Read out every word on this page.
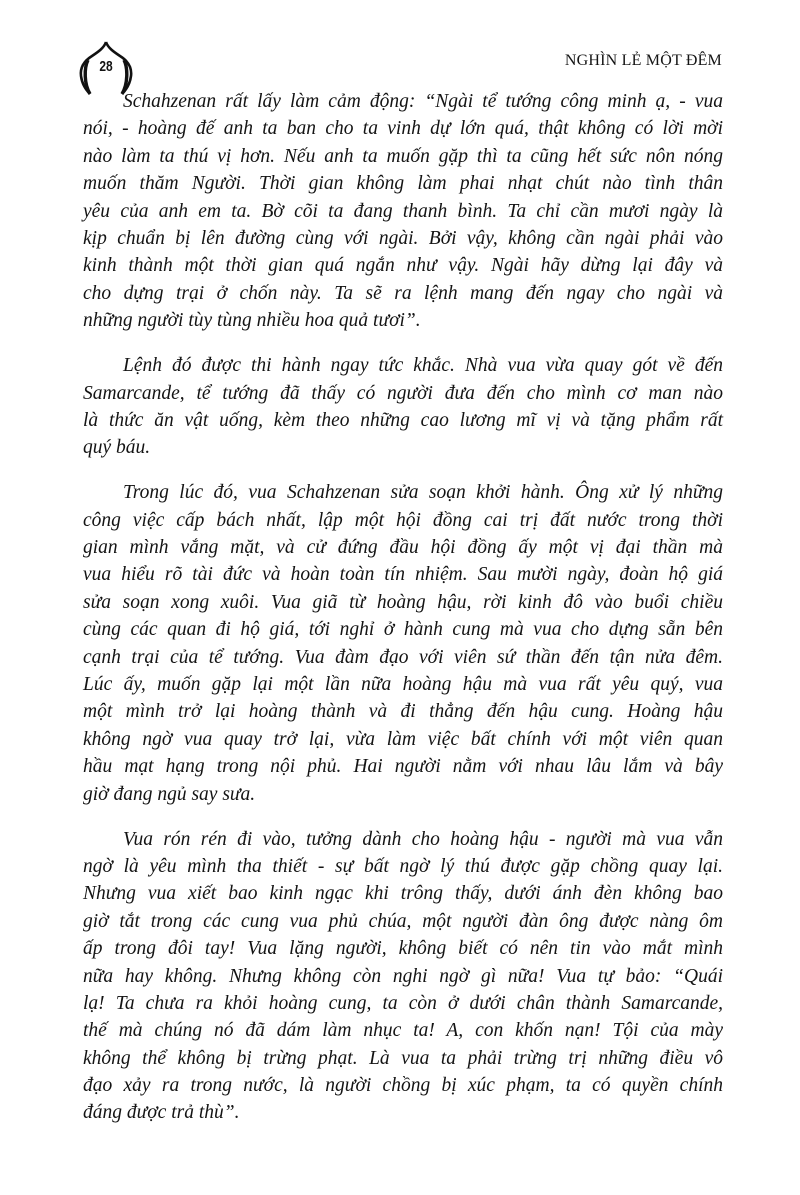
28	NGHÌN LẺ MỘT ĐÊM
Schahzenan rất lấy làm cảm động: “Ngài tể tướng công minh ạ, - vua
nói, - hoàng đế anh ta ban cho ta vinh dự lớn quá, thật không có lời mời
nào làm ta thú vị hơn. Nếu anh ta muốn gặp thì ta cũng hết sức nôn nóng
muốn thăm Người. Thời gian không làm phai nhạt chút nào tình thân
yêu của anh em ta. Bờ cõi ta đang thanh bình. Ta chỉ cần mươi ngày là
kịp chuẩn bị lên đường cùng với ngài. Bởi vậy, không cần ngài phải vào
kinh thành một thời gian quá ngắn như vậy. Ngài hãy dừng lại đây và
cho dựng trại ở chốn này. Ta sẽ ra lệnh mang đến ngay cho ngài và
những người tùy tùng nhiều hoa quả tươi”.
Lệnh đó được thi hành ngay tức khắc. Nhà vua vừa quay gót về đến
Samarcande, tể tướng đã thấy có người đưa đến cho mình cơ man nào
là thức ăn vật uống, kèm theo những cao lương mĩ vị và tặng phẩm rất
quý báu.
Trong lúc đó, vua Schahzenan sửa soạn khởi hành. Ông xử lý những
công việc cấp bách nhất, lập một hội đồng cai trị đất nước trong thời
gian mình vắng mặt, và cử đứng đầu hội đồng ấy một vị đại thần mà
vua hiểu rõ tài đức và hoàn toàn tín nhiệm. Sau mười ngày, đoàn hộ giá
sửa soạn xong xuôi. Vua giã từ hoàng hậu, rời kinh đô vào buổi chiều
cùng các quan đi hộ giá, tới nghỉ ở hành cung mà vua cho dựng sẵn bên
cạnh trại của tể tướng. Vua đàm đạo với viên sứ thần đến tận nửa đêm.
Lúc ấy, muốn gặp lại một lần nữa hoàng hậu mà vua rất yêu quý, vua
một mình trở lại hoàng thành và đi thẳng đến hậu cung. Hoàng hậu
không ngờ vua quay trở lại, vừa làm việc bất chính với một viên quan
hầu mạt hạng trong nội phủ. Hai người nằm với nhau lâu lắm và bây
giờ đang ngủ say sưa.
Vua rón rén đi vào, tưởng dành cho hoàng hậu - người mà vua vẫn
ngờ là yêu mình tha thiết - sự bất ngờ lý thú được gặp chồng quay lại.
Nhưng vua xiết bao kinh ngạc khi trông thấy, dưới ánh đèn không bao
giờ tắt trong các cung vua phủ chúa, một người đàn ông được nàng ôm
ấp trong đôi tay! Vua lặng người, không biết có nên tin vào mắt mình
nữa hay không. Nhưng không còn nghi ngờ gì nữa! Vua tự bảo: “Quái
lạ! Ta chưa ra khỏi hoàng cung, ta còn ở dưới chân thành Samarcande,
thế mà chúng nó đã dám làm nhục ta! A, con khốn nạn! Tội của mày
không thể không bị trừng phạt. Là vua ta phải trừng trị những điều vô
đạo xảy ra trong nước, là người chồng bị xúc phạm, ta có quyền chính
đáng được trả thù”.
